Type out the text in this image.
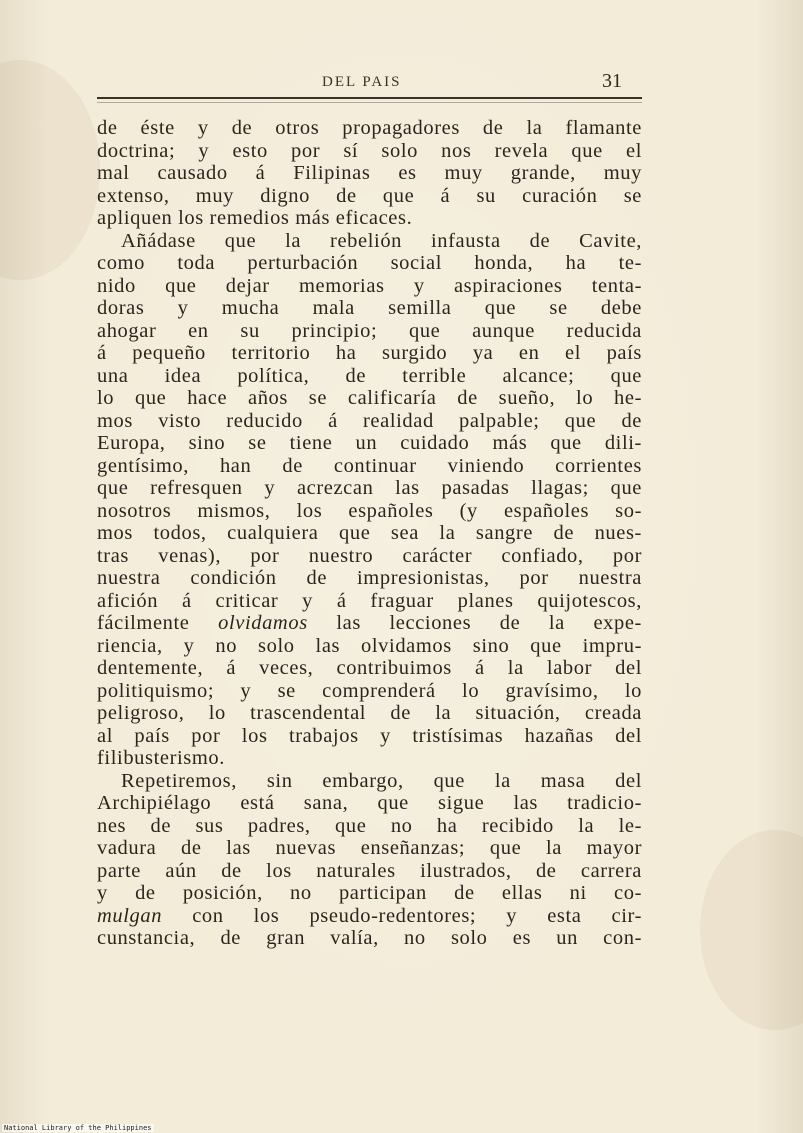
DEL PAIS	31
de éste y de otros propagadores de la flamante
doctrina; y esto por sí solo nos revela que el
mal causado á Filipinas es muy grande, muy
extenso, muy digno de que á su curación se
apliquen los remedios más eficaces.
Añádase que la rebelión infausta de Cavite,
como toda perturbación social honda, ha te-
nido que dejar memorias y aspiraciones tenta-
doras y mucha mala semilla que se debe
ahogar en su principio; que aunque reducida
á pequeño territorio ha surgido ya en el país
una idea política, de terrible alcance; que
lo que hace años se calificaría de sueño, lo he-
mos visto reducido á realidad palpable; que de
Europa, sino se tiene un cuidado más que dili-
gentísimo, han de continuar viniendo corrientes
que refresquen y acrezcan las pasadas llagas; que
nosotros mismos, los españoles (y españoles so-
mos todos, cualquiera que sea la sangre de nues-
tras venas), por nuestro carácter confiado, por
nuestra condición de impresionistas, por nuestra
afición á criticar y á fraguar planes quijotescos,
fácilmente olvidamos las lecciones de la expe-
riencia, y no solo las olvidamos sino que impru-
dentemente, á veces, contribuimos á la labor del
politiquismo; y se comprenderá lo gravísimo, lo
peligroso, lo trascendental de la situación, creada
al país por los trabajos y tristísimas hazañas del
filibusterismo.
Repetiremos, sin embargo, que la masa del
Archipiélago está sana, que sigue las tradicio-
nes de sus padres, que no ha recibido la le-
vadura de las nuevas enseñanzas; que la mayor
parte aún de los naturales ilustrados, de carrera
y de posición, no participan de ellas ni co-
mulgan con los pseudo-redentores; y esta cir-
cunstancia, de gran valía, no solo es un con-
National Library of the Philippines
